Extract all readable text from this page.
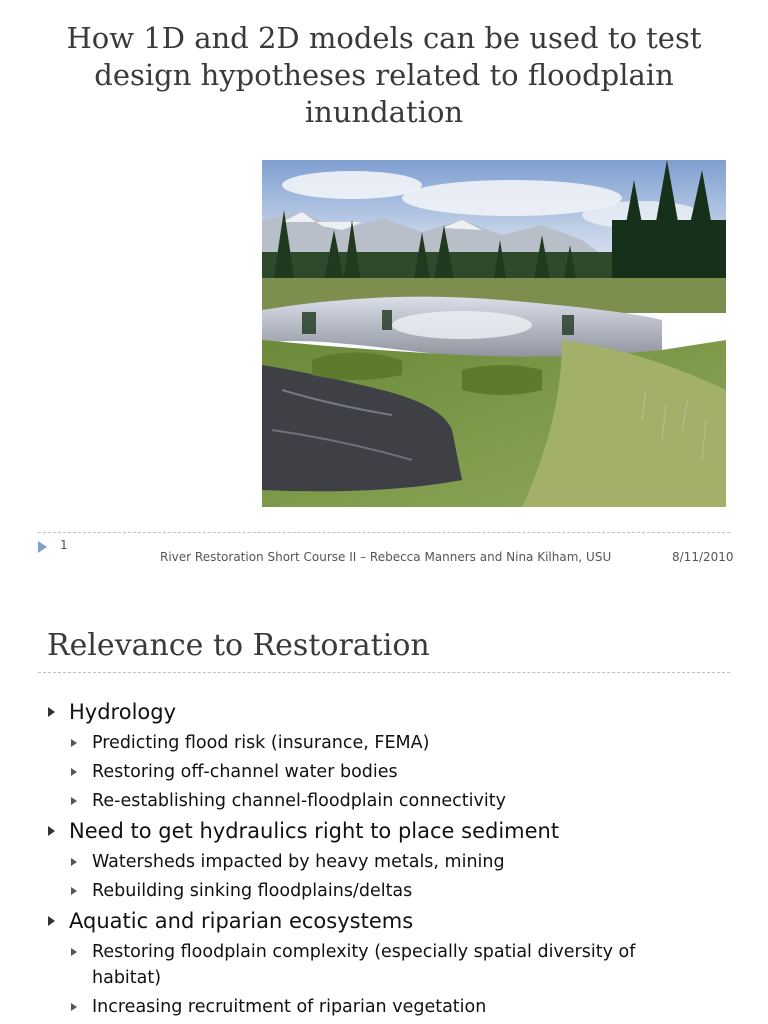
How 1D and 2D models can be used to test design hypotheses related to floodplain inundation
1
River Restoration Short Course II – Rebecca Manners and Nina Kilham, USU	8/11/2010
Relevance to Restoration
Hydrology
Predicting flood risk (insurance, FEMA)
Restoring off-channel water bodies
Re-establishing channel-floodplain connectivity
Need to get hydraulics right to place sediment
Watersheds impacted by heavy metals, mining
Rebuilding sinking floodplains/deltas
Aquatic and riparian ecosystems
Restoring floodplain complexity (especially spatial diversity of habitat)
Increasing recruitment of riparian vegetation
